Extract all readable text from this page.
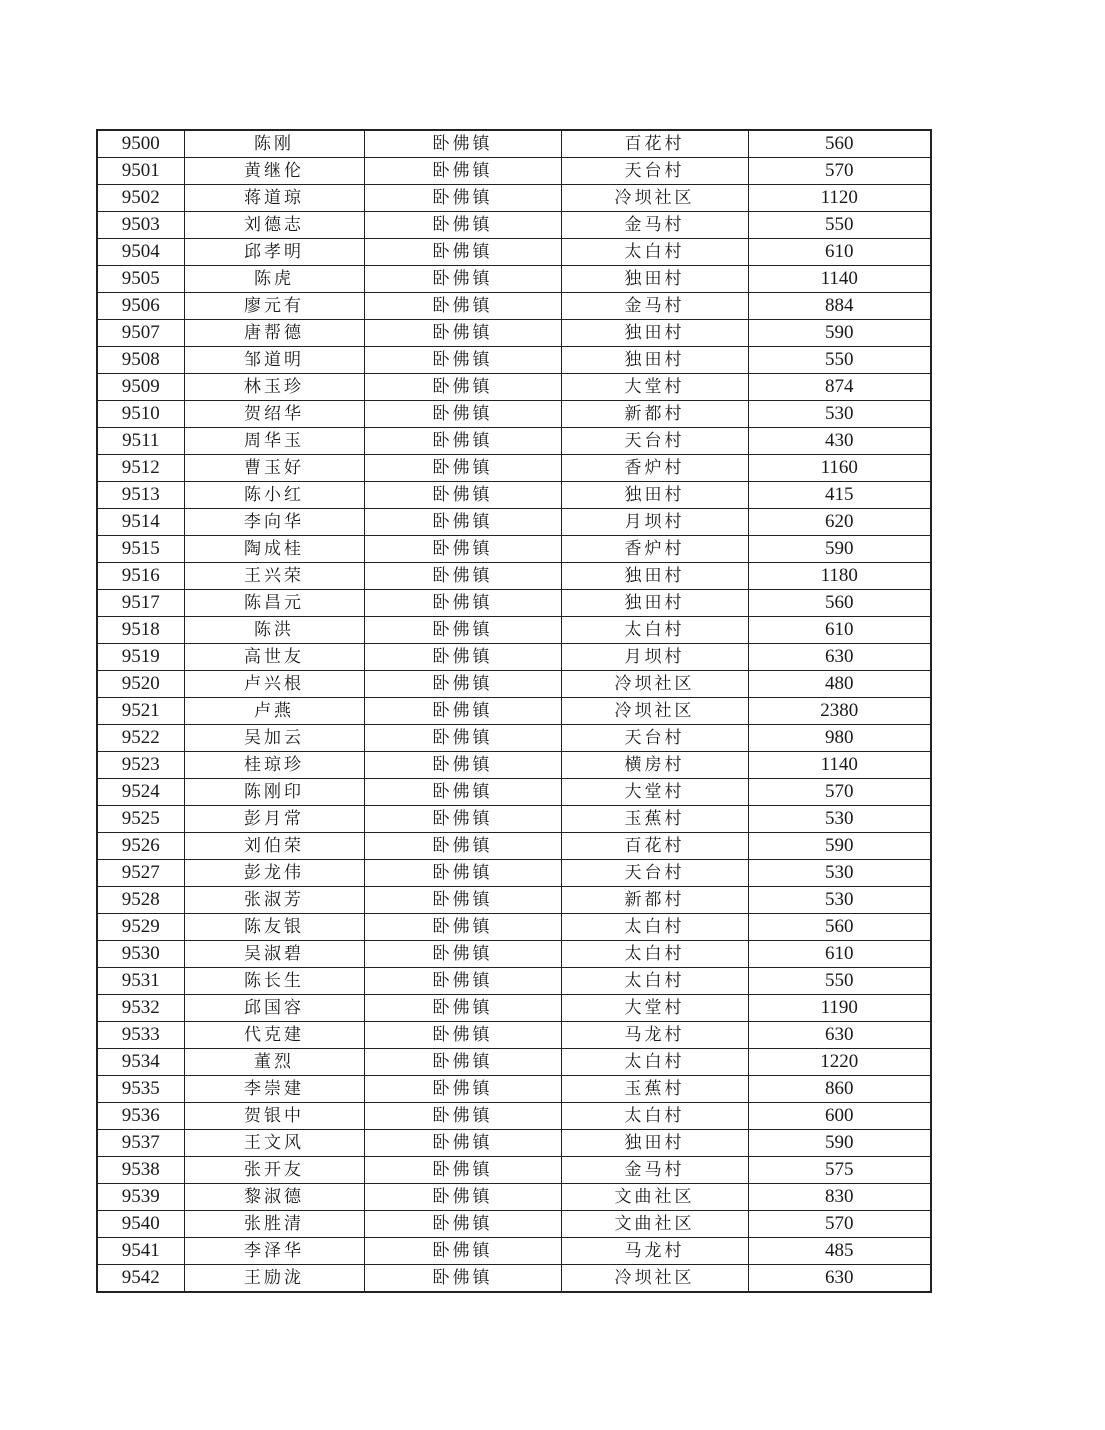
9500	陈刚	卧佛镇	百花村	560
9501	黄继伦	卧佛镇	天台村	570
9502	蒋道琼	卧佛镇	冷坝社区	1120
9503	刘德志	卧佛镇	金马村	550
9504	邱孝明	卧佛镇	太白村	610
9505	陈虎	卧佛镇	独田村	1140
9506	廖元有	卧佛镇	金马村	884
9507	唐帮德	卧佛镇	独田村	590
9508	邹道明	卧佛镇	独田村	550
9509	林玉珍	卧佛镇	大堂村	874
9510	贺绍华	卧佛镇	新都村	530
9511	周华玉	卧佛镇	天台村	430
9512	曹玉好	卧佛镇	香炉村	1160
9513	陈小红	卧佛镇	独田村	415
9514	李向华	卧佛镇	月坝村	620
9515	陶成桂	卧佛镇	香炉村	590
9516	王兴荣	卧佛镇	独田村	1180
9517	陈昌元	卧佛镇	独田村	560
9518	陈洪	卧佛镇	太白村	610
9519	高世友	卧佛镇	月坝村	630
9520	卢兴根	卧佛镇	冷坝社区	480
9521	卢燕	卧佛镇	冷坝社区	2380
9522	吴加云	卧佛镇	天台村	980
9523	桂琼珍	卧佛镇	横房村	1140
9524	陈刚印	卧佛镇	大堂村	570
9525	彭月常	卧佛镇	玉蕉村	530
9526	刘伯荣	卧佛镇	百花村	590
9527	彭龙伟	卧佛镇	天台村	530
9528	张淑芳	卧佛镇	新都村	530
9529	陈友银	卧佛镇	太白村	560
9530	吴淑碧	卧佛镇	太白村	610
9531	陈长生	卧佛镇	太白村	550
9532	邱国容	卧佛镇	大堂村	1190
9533	代克建	卧佛镇	马龙村	630
9534	董烈	卧佛镇	太白村	1220
9535	李崇建	卧佛镇	玉蕉村	860
9536	贺银中	卧佛镇	太白村	600
9537	王文风	卧佛镇	独田村	590
9538	张开友	卧佛镇	金马村	575
9539	黎淑德	卧佛镇	文曲社区	830
9540	张胜清	卧佛镇	文曲社区	570
9541	李泽华	卧佛镇	马龙村	485
9542	王励泷	卧佛镇	冷坝社区	630
